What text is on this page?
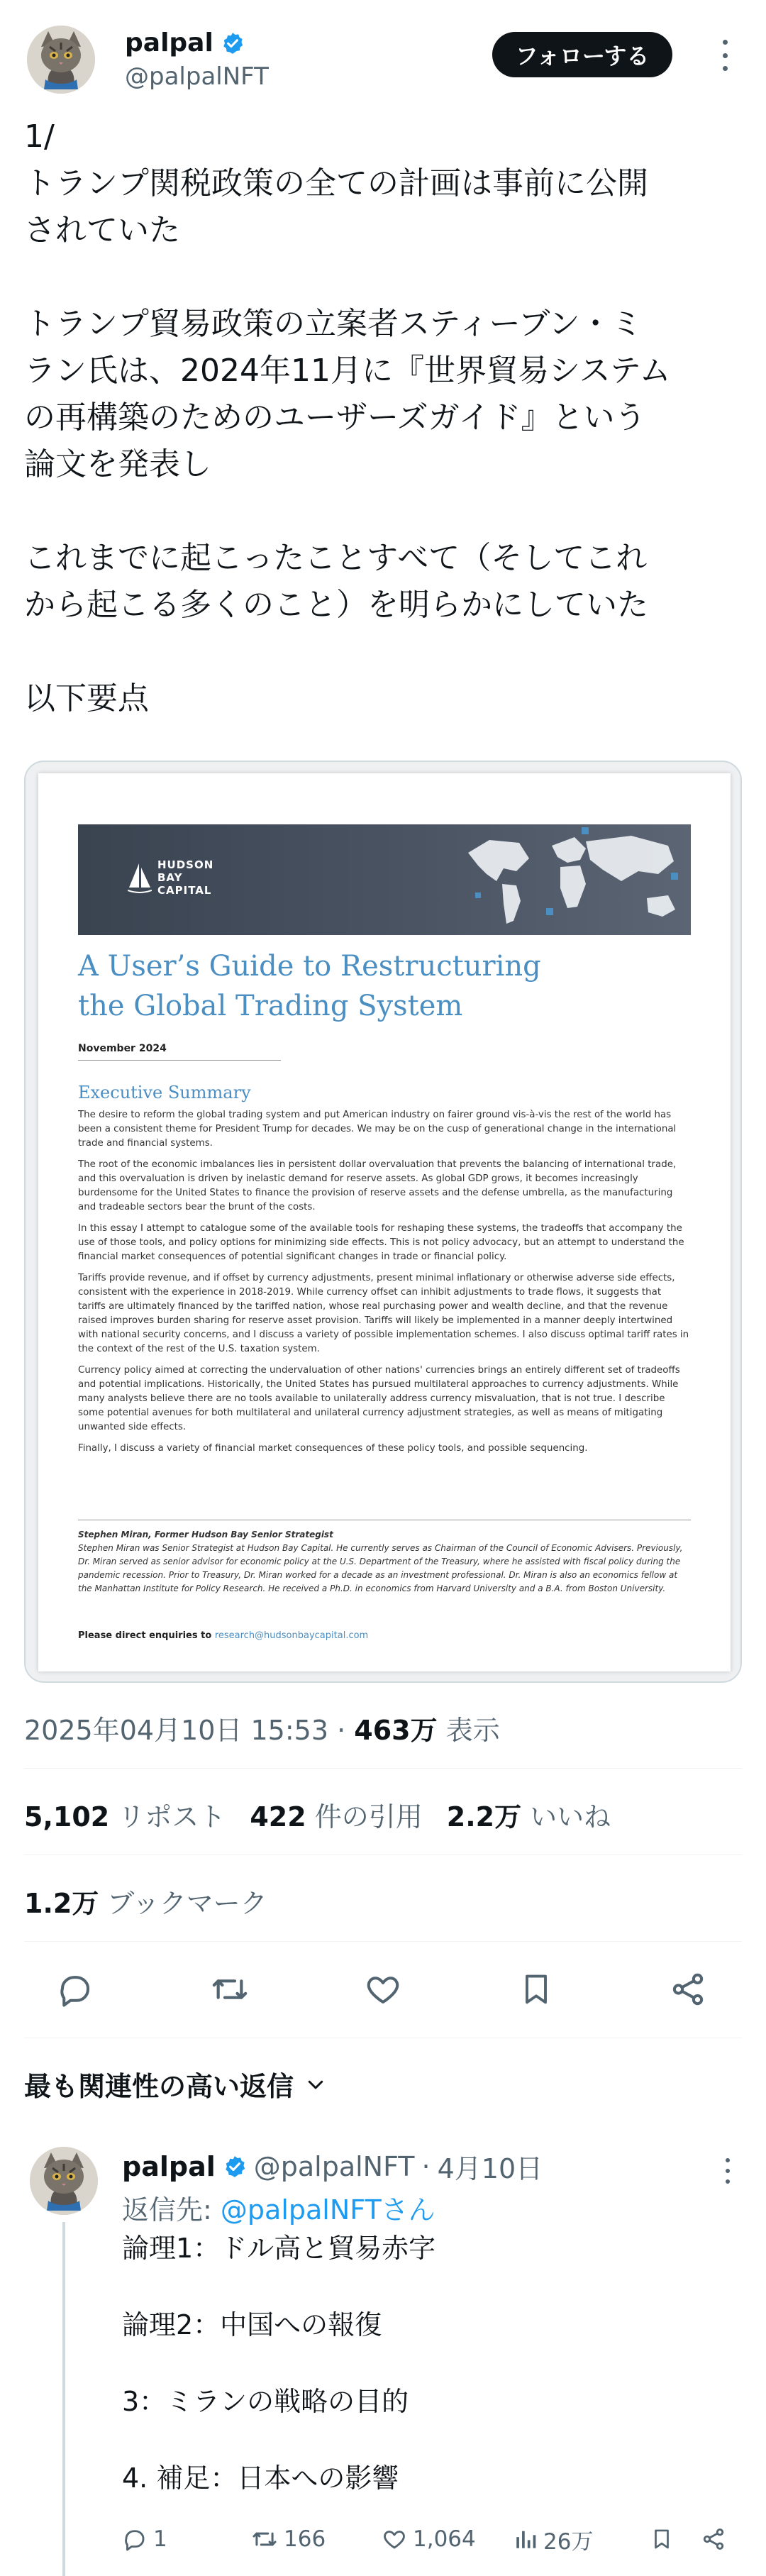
palpal
@palpalNFT
フォローする

1/

トランプ関税政策の全ての計画は事前に公開

されていた

トランプ貿易政策の立案者スティーブン・ミ

ラン氏は、2024年11月に『世界貿易システム

の再構築のためのユーザーズガイド』という

論文を発表し

これまでに起こったことすべて（そしてこれ

から起こる多くのこと）を明らかにしていた

以下要点

HUDSON
BAY
CAPITAL
A User’s Guide to Restructuring
the Global Trading System
November 2024
Executive Summary

The desire to reform the global trading system and put American industry on fairer ground vis-à-vis the rest of the world has been a consistent theme for President Trump for decades. We may be on the cusp of generational change in the international trade and financial systems.

The root of the economic imbalances lies in persistent dollar overvaluation that prevents the balancing of international trade, and this overvaluation is driven by inelastic demand for reserve assets. As global GDP grows, it becomes increasingly burdensome for the United States to finance the provision of reserve assets and the defense umbrella, as the manufacturing and tradeable sectors bear the brunt of the costs.

In this essay I attempt to catalogue some of the available tools for reshaping these systems, the tradeoffs that accompany the use of those tools, and policy options for minimizing side effects. This is not policy advocacy, but an attempt to understand the financial market consequences of potential significant changes in trade or financial policy.

Tariffs provide revenue, and if offset by currency adjustments, present minimal inflationary or otherwise adverse side effects, consistent with the experience in 2018-2019. While currency offset can inhibit adjustments to trade flows, it suggests that tariffs are ultimately financed by the tariffed nation, whose real purchasing power and wealth decline, and that the revenue raised improves burden sharing for reserve asset provision. Tariffs will likely be implemented in a manner deeply intertwined with national security concerns, and I discuss a variety of possible implementation schemes. I also discuss optimal tariff rates in the context of the rest of the U.S. taxation system.

Currency policy aimed at correcting the undervaluation of other nations' currencies brings an entirely different set of tradeoffs and potential implications. Historically, the United States has pursued multilateral approaches to currency adjustments. While many analysts believe there are no tools available to unilaterally address currency misvaluation, that is not true. I describe some potential avenues for both multilateral and unilateral currency adjustment strategies, as well as means of mitigating unwanted side effects.

Finally, I discuss a variety of financial market consequences of these policy tools, and possible sequencing.

Stephen Miran, Former Hudson Bay Senior Strategist
Stephen Miran was Senior Strategist at Hudson Bay Capital. He currently serves as Chairman of the Council of Economic Advisers. Previously, Dr. Miran served as senior advisor for economic policy at the U.S. Department of the Treasury, where he assisted with fiscal policy during the pandemic recession. Prior to Treasury, Dr. Miran worked for a decade as an investment professional. Dr. Miran is also an economics fellow at the Manhattan Institute for Policy Research. He received a Ph.D. in economics from Harvard University and a B.A. from Boston University.
Please direct enquiries to research@hudsonbaycapital.com
2025年04月10日 15:53 · 463万 表示
5,102 リポスト 422 件の引用 2.2万 いいね
1.2万 ブックマーク
最も関連性の高い返信
palpal @palpalNFT · 4月10日
返信先: @palpalNFTさん

論理1：ドル高と貿易赤字

論理2：中国への報復

3：ミランの戦略の目的

4. 補足：日本への影響

1	166	1,064	26万
